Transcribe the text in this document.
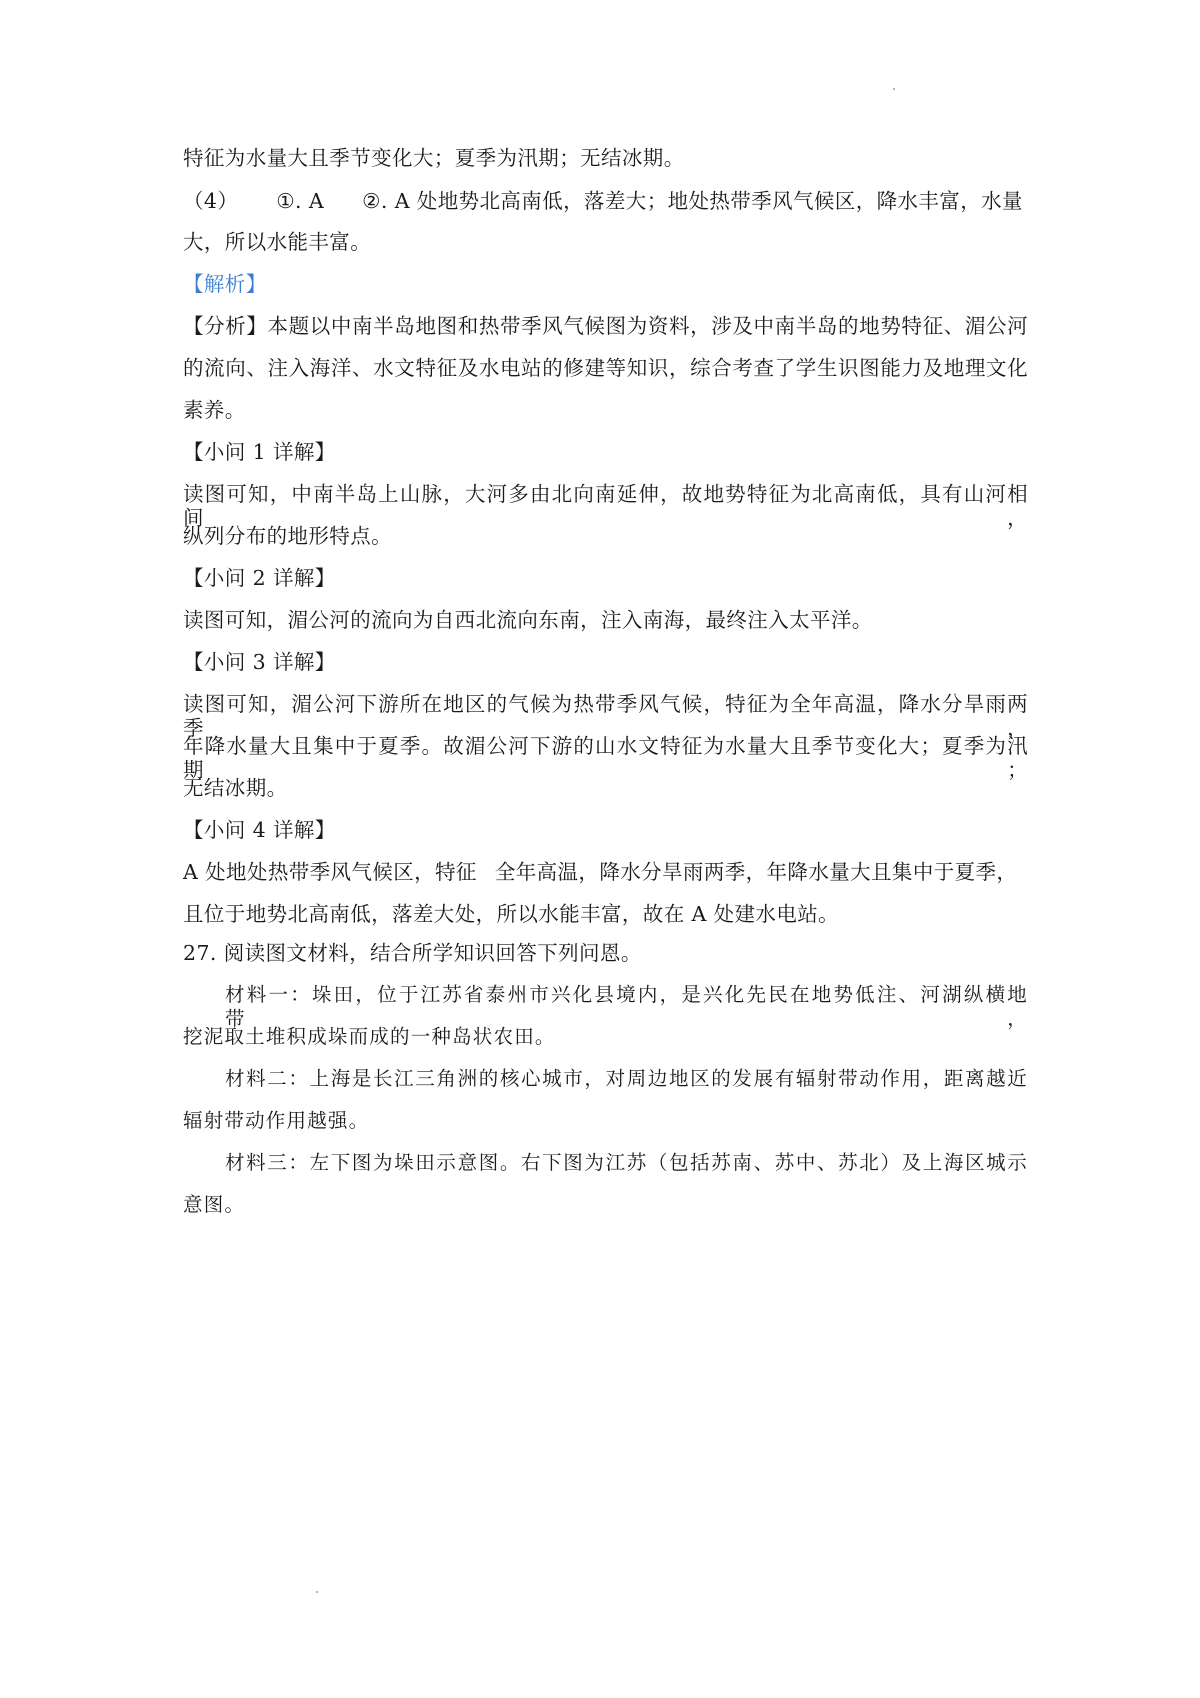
特征为水量大且季节变化大；夏季为汛期；无结冰期。
（4） ①. A ②. A 处地势北高南低，落差大；地处热带季风气候区，降水丰富，水量
大，所以水能丰富。
【解析】
【分析】本题以中南半岛地图和热带季风气候图为资料，涉及中南半岛的地势特征、湄公河
的流向、注入海洋、水文特征及水电站的修建等知识，综合考查了学生识图能力及地理文化
素养。
【小问 1 详解】
读图可知，中南半岛上山脉，大河多由北向南延伸，故地势特征为北高南低，具有山河相间，
纵列分布的地形特点。
【小问 2 详解】
读图可知，湄公河的流向为自西北流向东南，注入南海，最终注入太平洋。
【小问 3 详解】
读图可知，湄公河下游所在地区的气候为热带季风气候，特征为全年高温，降水分旱雨两季，
年降水量大且集中于夏季。故湄公河下游的山水文特征为水量大且季节变化大；夏季为汛期；
无结冰期。
【小问 4 详解】
A 处地处热带季风气候区，特征 全年高温，降水分旱雨两季，年降水量大且集中于夏季，
且位于地势北高南低，落差大处，所以水能丰富，故在 A 处建水电站。
27. 阅读图文材料，结合所学知识回答下列问恩。
材料一：垛田，位于江苏省泰州市兴化县境内，是兴化先民在地势低注、河湖纵横地带，
挖泥取土堆积成垛而成的一种岛状农田。
材料二：上海是长江三角洲的核心城市，对周边地区的发展有辐射带动作用，距离越近
辐射带动作用越强。
材料三：左下图为垛田示意图。右下图为江苏（包括苏南、苏中、苏北）及上海区城示
意图。
